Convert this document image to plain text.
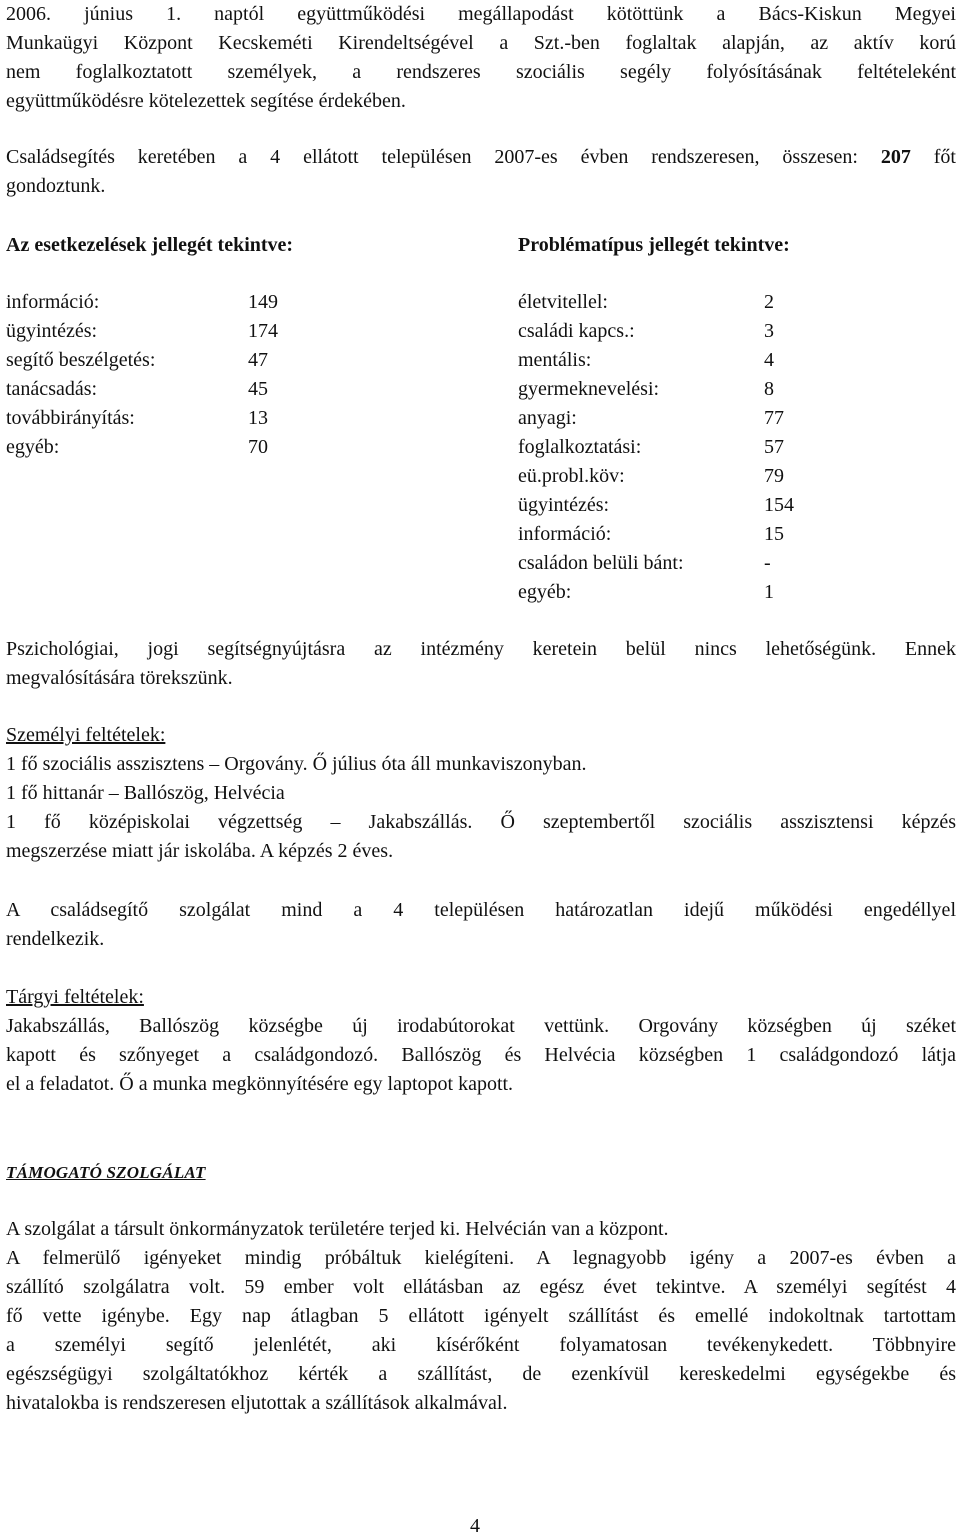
2006. június 1. naptól együttműködési megállapodást kötöttünk a Bács-Kiskun Megyei

Munkaügyi Központ Kecskeméti Kirendeltségével a Szt.-ben foglaltak alapján, az aktív korú

nem foglalkoztatott személyek, a rendszeres szociális segély folyósításának feltételeként

együttműködésre kötelezettek segítése érdekében.

Családsegítés keretében a 4 ellátott településen 2007-es évben rendszeresen, összesen: 207 főt

gondoztunk.

Az esetkezelések jellegét tekintve:
információ:	149
ügyintézés:	174
segítő beszélgetés:	47
tanácsadás:	45
továbbirányítás:	13
egyéb:	70
Problématípus jellegét tekintve:
életvitellel:	2
családi kapcs.:	3
mentális:	4
gyermeknevelési:	8
anyagi:	77
foglalkoztatási:	57
eü.probl.köv:	79
ügyintézés:	154
információ:	15
családon belüli bánt:	-
egyéb:	1

Pszichológiai, jogi segítségnyújtásra az intézmény keretein belül nincs lehetőségünk. Ennek

megvalósítására törekszünk.

Személyi feltételek:

1 fő szociális asszisztens – Orgovány. Ő július óta áll munkaviszonyban.

1 fő hittanár – Ballószög, Helvécia

1 fő középiskolai végzettség – Jakabszállás. Ő szeptembertől szociális asszisztensi képzés

megszerzése miatt jár iskolába. A képzés 2 éves.

A családsegítő szolgálat mind a 4 településen határozatlan idejű működési engedéllyel

rendelkezik.

Tárgyi feltételek:

Jakabszállás, Ballószög községbe új irodabútorokat vettünk. Orgovány községben új széket

kapott és szőnyeget a családgondozó. Ballószög és Helvécia községben 1 családgondozó látja

el a feladatot. Ő a munka megkönnyítésére egy laptopot kapott.

TÁMOGATÓ SZOLGÁLAT

A szolgálat a társult önkormányzatok területére terjed ki. Helvécián van a központ.

A felmerülő igényeket mindig próbáltuk kielégíteni. A legnagyobb igény a 2007-es évben a

szállító szolgálatra volt. 59 ember volt ellátásban az egész évet tekintve. A személyi segítést 4

fő vette igénybe. Egy nap átlagban 5 ellátott igényelt szállítást és emellé indokoltnak tartottam

a személyi segítő jelenlétét, aki kísérőként folyamatosan tevékenykedett. Többnyire

egészségügyi szolgáltatókhoz kérték a szállítást, de ezenkívül kereskedelmi egységekbe és

hivatalokba is rendszeresen eljutottak a szállítások alkalmával.

4
